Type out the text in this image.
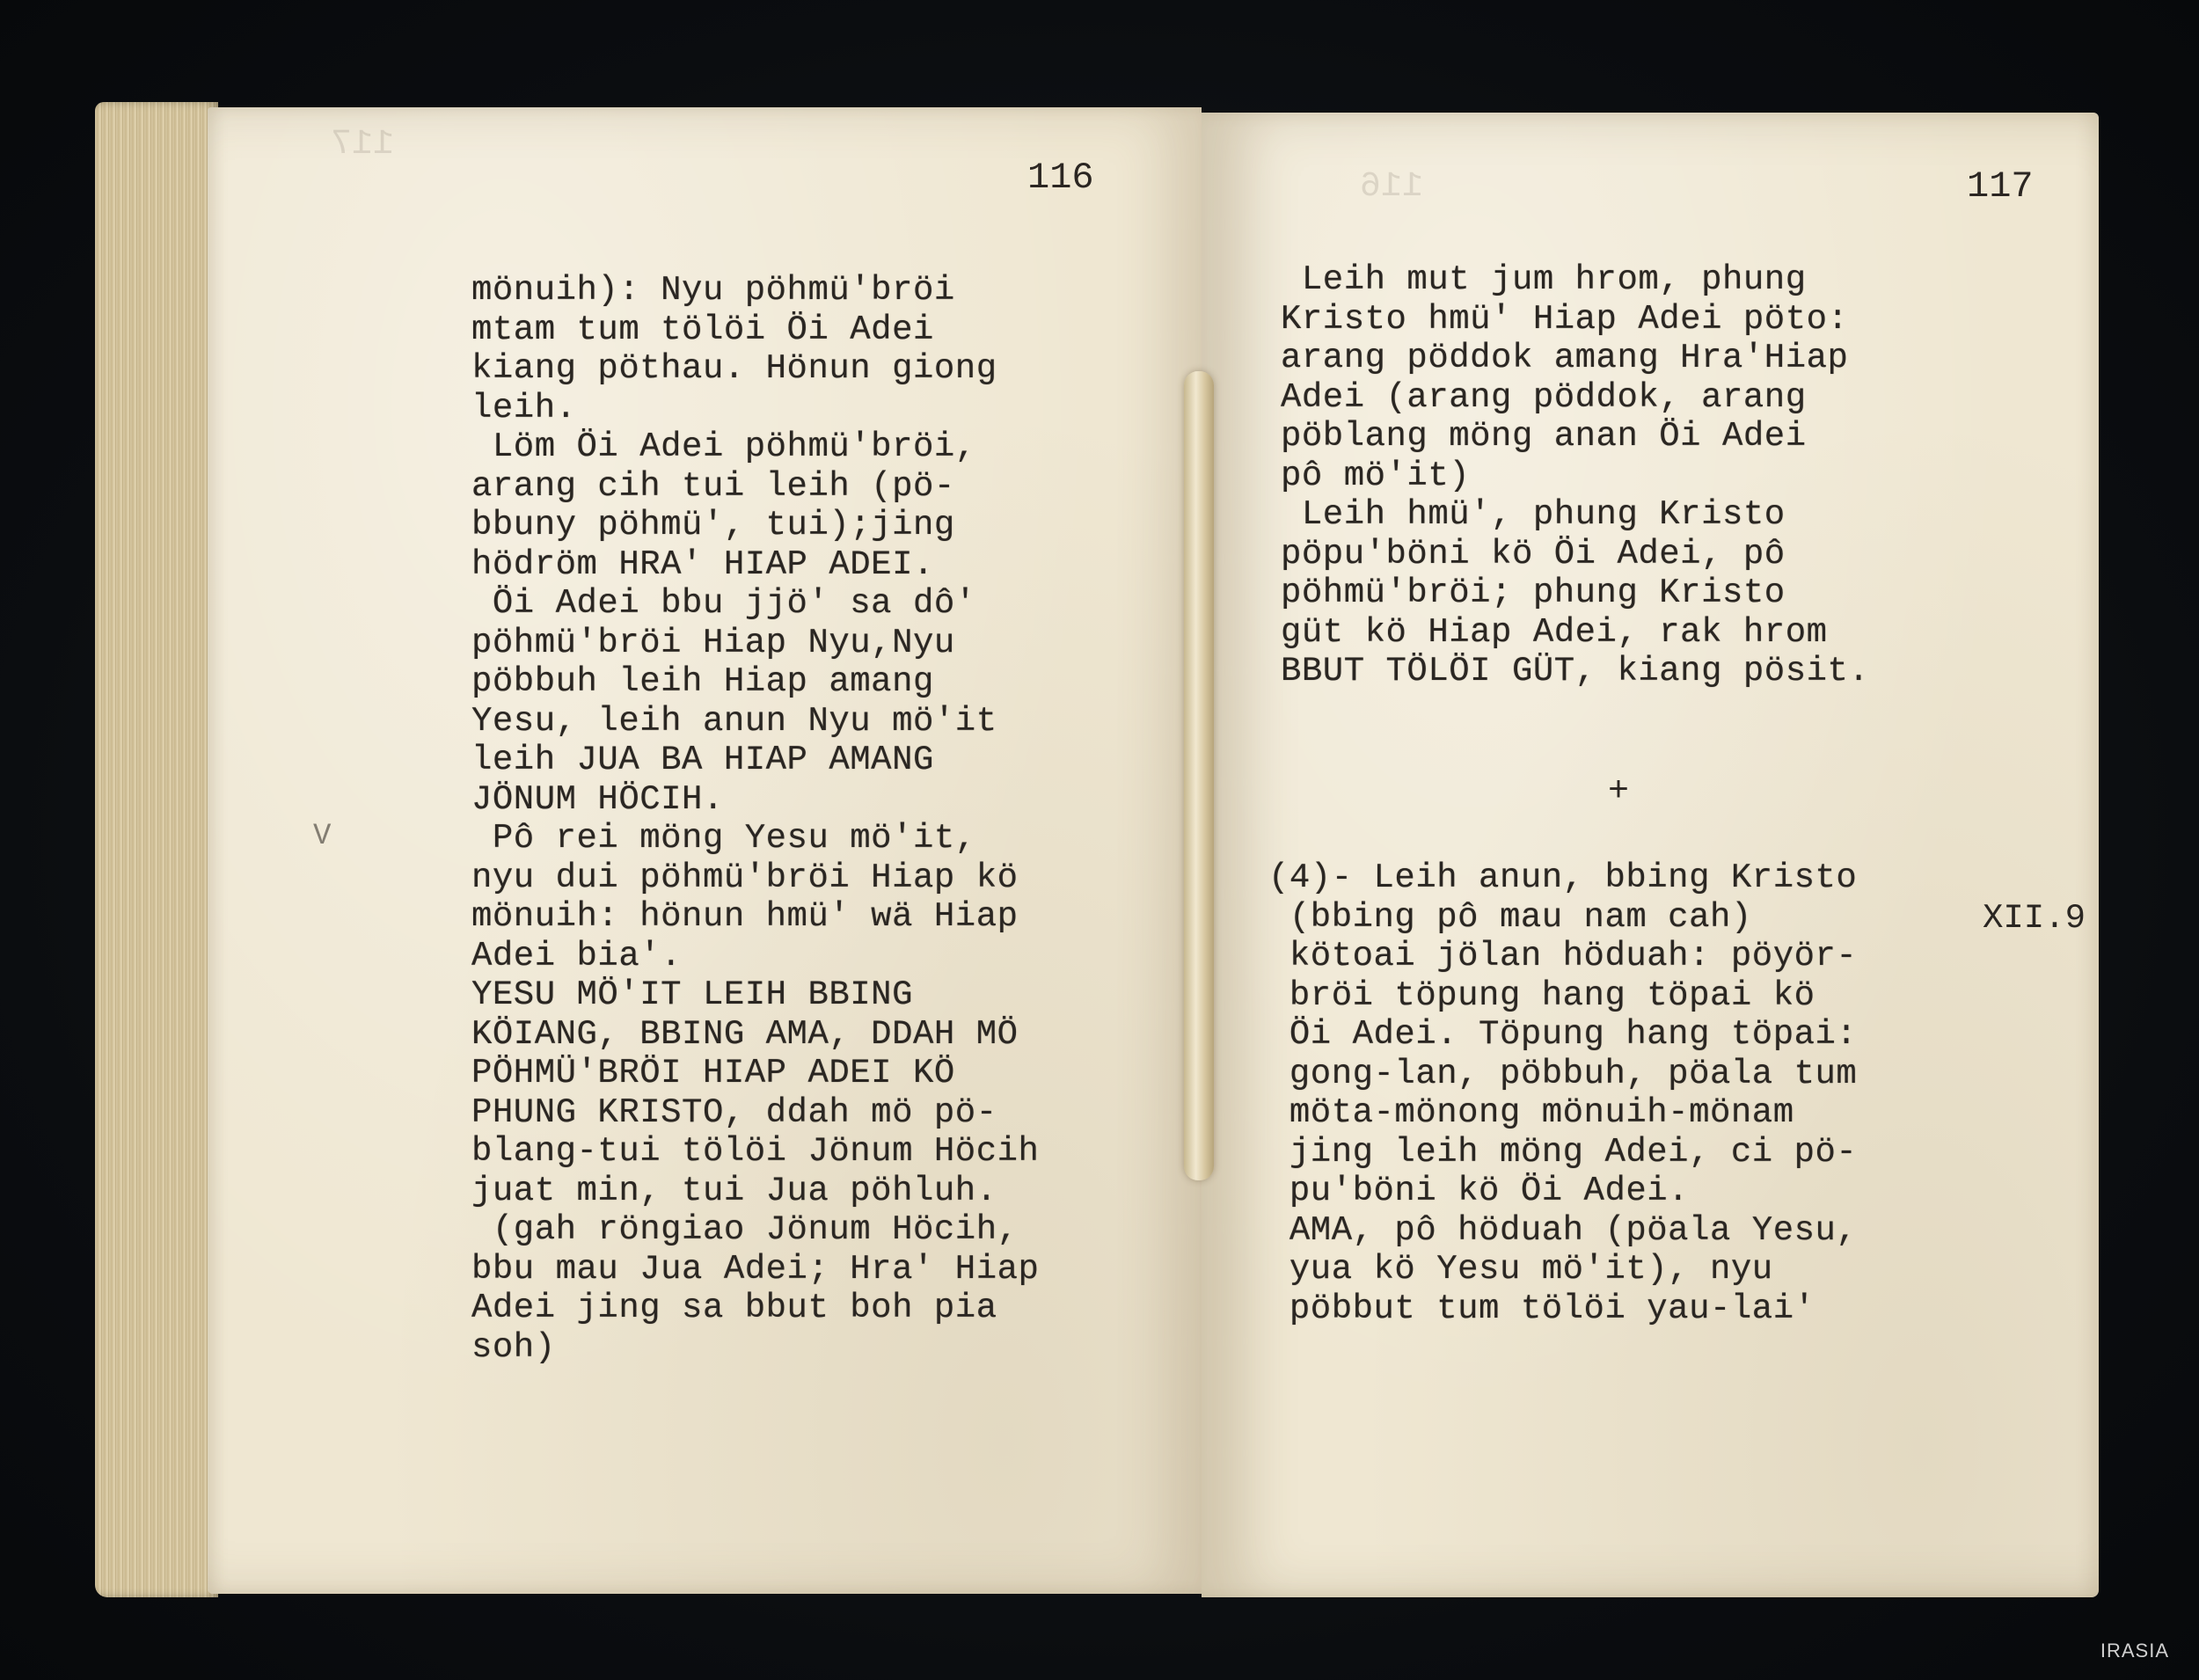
117
116
mönuih): Nyu pöhmü'bröi
mtam tum tölöi Öi Adei
kiang pöthau. Hönun giong
leih.
Löm Öi Adei pöhmü'bröi,
arang cih tui leih (pö-
bbuny pöhmü', tui);jing
hödröm HRA' HIAP ADEI.
Öi Adei bbu jjö' sa dô'
pöhmü'bröi Hiap Nyu,Nyu
pöbbuh leih Hiap amang
Yesu, leih anun Nyu mö'it
leih JUA BA HIAP AMANG
JÖNUM HÖCIH.
Pô rei möng Yesu mö'it,
nyu dui pöhmü'bröi Hiap kö
mönuih: hönun hmü' wä Hiap
Adei bia'.
YESU MÖ'IT LEIH BBING
KÖIANG, BBING AMA, DDAH MÖ
PÖHMÜ'BRÖI HIAP ADEI KÖ
PHUNG KRISTO, ddah mö pö-
blang-tui tölöi Jönum Höcih
juat min, tui Jua pöhluh.
(gah röngiao Jönum Höcih,
bbu mau Jua Adei; Hra' Hiap
Adei jing sa bbut boh pia
soh)
V
116	117
Leih mut jum hrom, phung
Kristo hmü' Hiap Adei pöto:
arang pöddok amang Hra'Hiap
Adei (arang pöddok, arang
pöblang möng anan Öi Adei
pô mö'it)
Leih hmü', phung Kristo
pöpu'böni kö Öi Adei, pô
pöhmü'bröi; phung Kristo
güt kö Hiap Adei, rak hrom
BBUT TÖLÖI GÜT, kiang pösit.
+
(4)- Leih anun, bbing Kristo
(bbing pô mau nam cah)
kötoai jölan höduah: pöyör-
bröi töpung hang töpai kö
Öi Adei. Töpung hang töpai:
gong-lan, pöbbuh, pöala tum
möta-mönong mönuih-mönam
jing leih möng Adei, ci pö-
pu'böni kö Öi Adei.
AMA, pô höduah (pöala Yesu,
yua kö Yesu mö'it), nyu
pöbbut tum tölöi yau-lai'
XII.9
IRASIA
